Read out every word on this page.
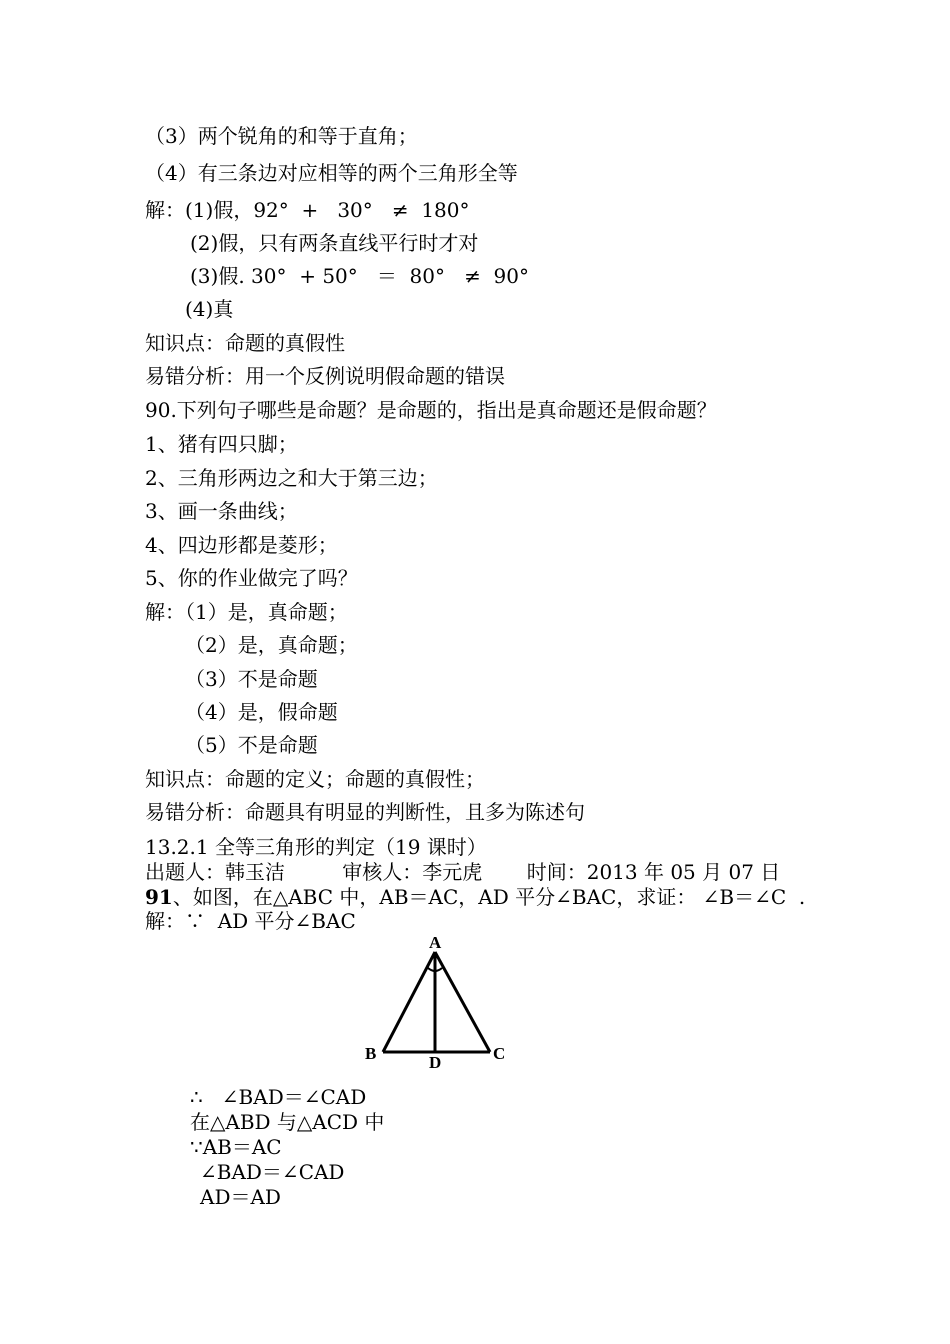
（3）两个锐角的和等于直角；
（4）有三条边对应相等的两个三角形全等
解：(1)假，92°  +   30°   ≠  180°
(2)假，只有两条直线平行时才对
(3)假. 30°  + 50°   ＝  80°   ≠  90°
(4)真
知识点：命题的真假性
易错分析：用一个反例说明假命题的错误
90.下列句子哪些是命题？是命题的，指出是真命题还是假命题？
1、猪有四只脚；
2、三角形两边之和大于第三边；
3、画一条曲线；
4、四边形都是菱形；
5、你的作业做完了吗？
解：（1）是，真命题；
（2）是，真命题；
（3）不是命题
（4）是，假命题
（5）不是命题
知识点：命题的定义；命题的真假性；
易错分析：命题具有明显的判断性，且多为陈述句
13.2.1 全等三角形的判定（19 课时）
出题人：韩玉洁         审核人：李元虎       时间：2013 年 05 月 07 日
91、如图，在△ABC 中，AB＝AC，AD 平分∠BAC，求证： ∠B＝∠C  .
解：∵  AD 平分∠BAC
A
B	C
D
∴   ∠BAD＝∠CAD
在△ABD 与△ACD 中
∵AB＝AC
∠BAD＝∠CAD
AD＝AD
